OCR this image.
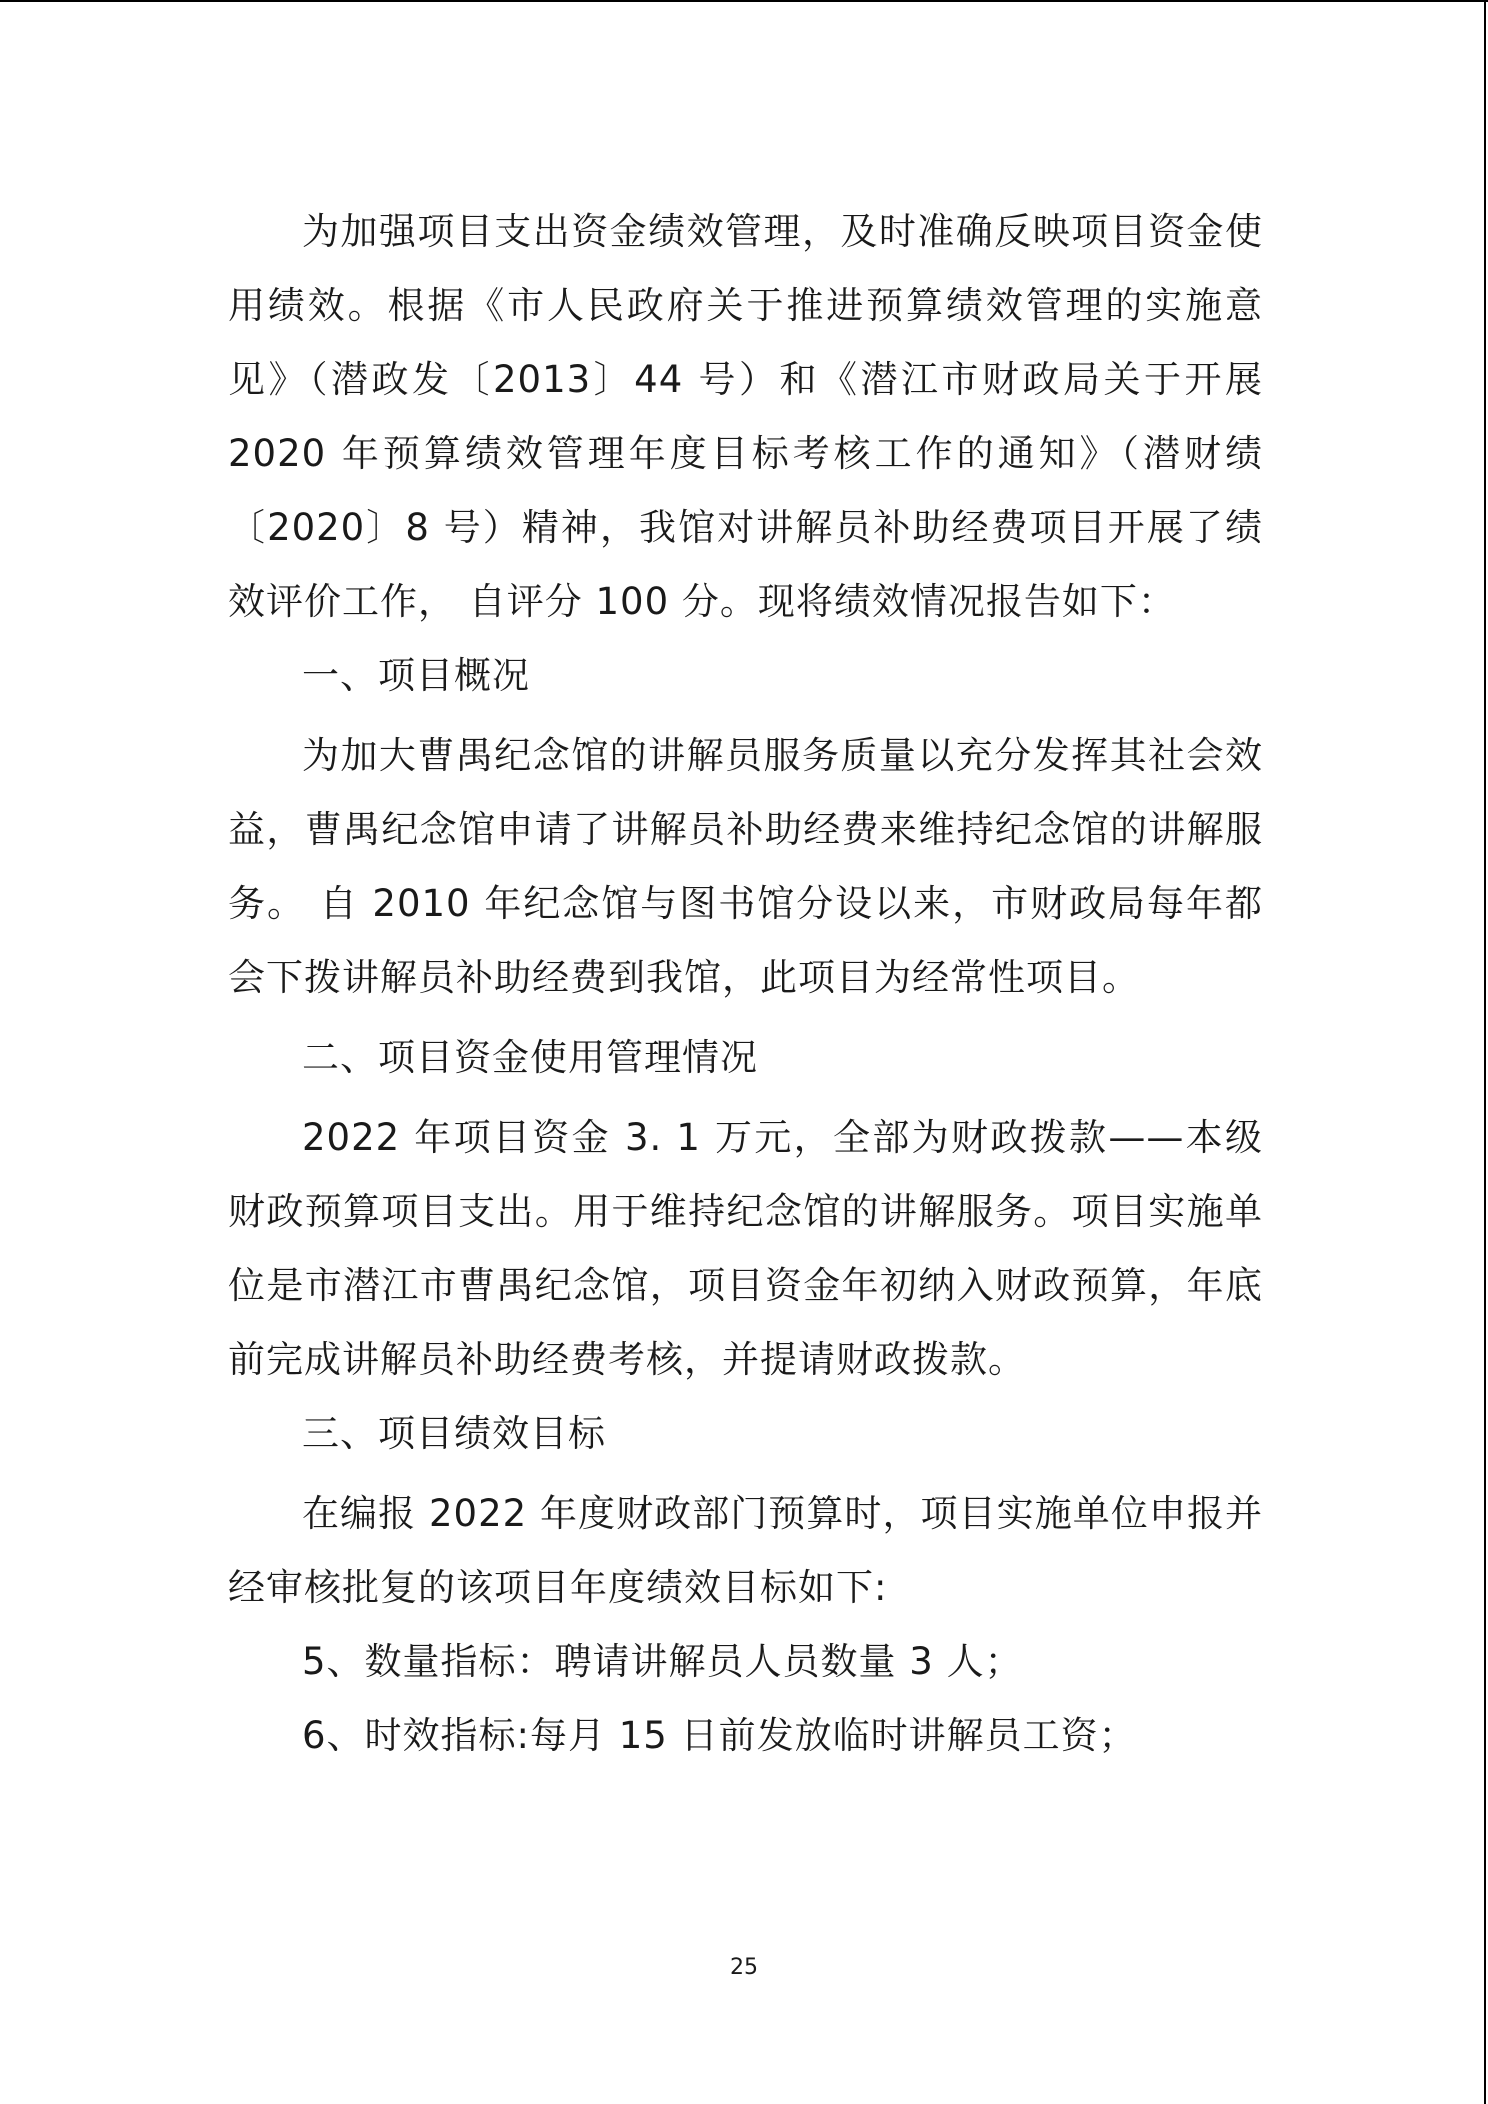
为加强项目支出资金绩效管理，及时准确反映项目资金使用绩效。根据《市人民政府关于推进预算绩效管理的实施意见》（潜政发〔2013〕44 号）和《潜江市财政局关于开展 2020 年预算绩效管理年度目标考核工作的通知》（潜财绩〔2020〕8 号）精神，我馆对讲解员补助经费项目开展了绩效评价工作， 自评分 100 分。现将绩效情况报告如下：

一、项目概况

为加大曹禺纪念馆的讲解员服务质量以充分发挥其社会效益，曹禺纪念馆申请了讲解员补助经费来维持纪念馆的讲解服务。 自 2010 年纪念馆与图书馆分设以来，市财政局每年都会下拨讲解员补助经费到我馆，此项目为经常性项目。

二、项目资金使用管理情况

2022 年项目资金 3. 1 万元，全部为财政拨款——本级财政预算项目支出。用于维持纪念馆的讲解服务。项目实施单位是市潜江市曹禺纪念馆，项目资金年初纳入财政预算，年底前完成讲解员补助经费考核，并提请财政拨款。

三、项目绩效目标

在编报 2022 年度财政部门预算时，项目实施单位申报并经审核批复的该项目年度绩效目标如下:

5、数量指标：聘请讲解员人员数量 3 人；

6、时效指标:每月 15 日前发放临时讲解员工资；

25
